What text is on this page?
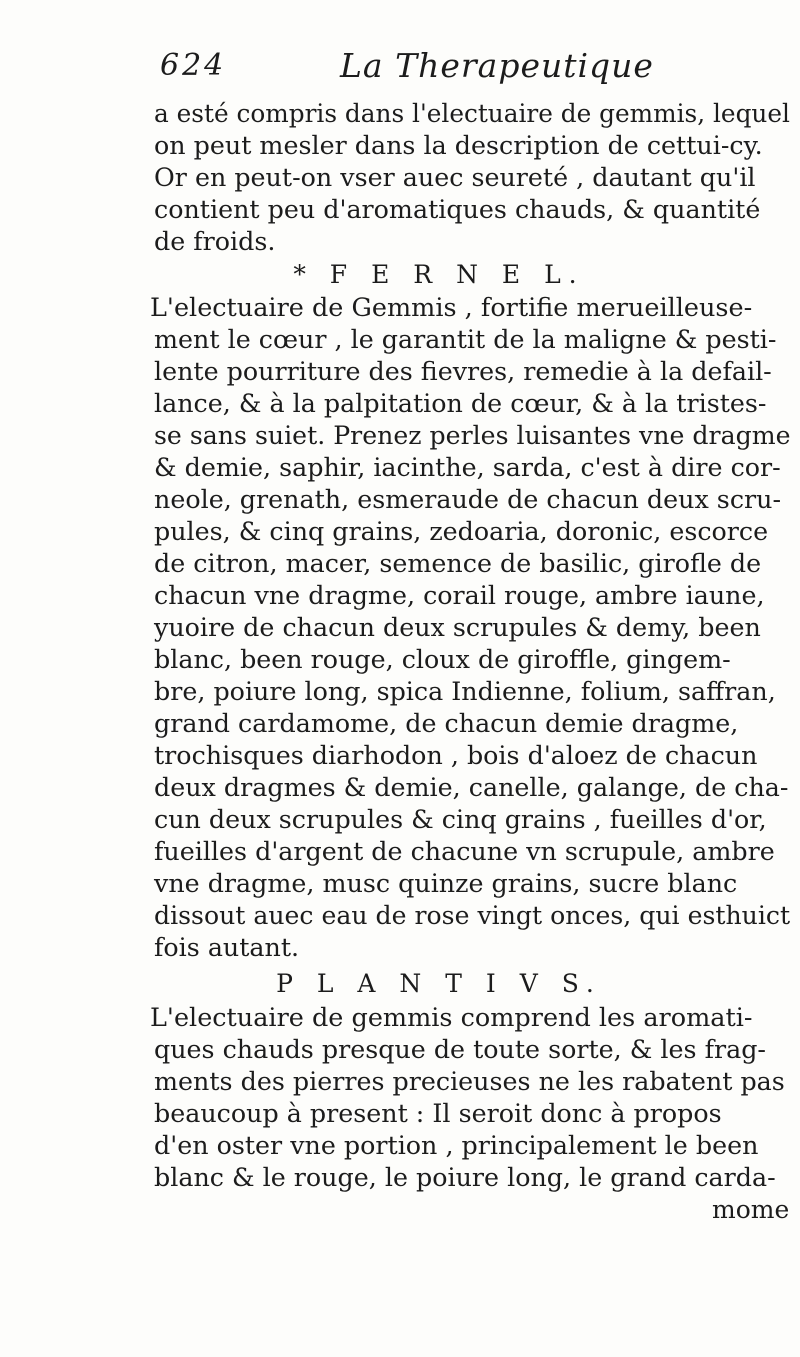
624	La Therapeutique
a esté compris dans l'electuaire de gemmis, lequel
on peut mesler dans la description de cettui-cy.
Or en peut-on vser auec seureté , dautant qu'il
contient peu d'aromatiques chauds, & quantité
de froids.
* F E R N E L.
L'electuaire de Gemmis , fortifie merueilleuse-
ment le cœur , le garantit de la maligne & pesti-
lente pourriture des fievres, remedie à la defail-
lance, & à la palpitation de cœur, & à la tristes-
se sans suiet. Prenez perles luisantes vne dragme
& demie, saphir, iacinthe, sarda, c'est à dire cor-
neole, grenath, esmeraude de chacun deux scru-
pules, & cinq grains, zedoaria, doronic, escorce
de citron, macer, semence de basilic, girofle de
chacun vne dragme, corail rouge, ambre iaune,
yuoire de chacun deux scrupules & demy, been
blanc, been rouge, cloux de giroffle, gingem-
bre, poiure long, spica Indienne, folium, saffran,
grand cardamome, de chacun demie dragme,
trochisques diarhodon , bois d'aloez de chacun
deux dragmes & demie, canelle, galange, de cha-
cun deux scrupules & cinq grains , fueilles d'or,
fueilles d'argent de chacune vn scrupule, ambre
vne dragme, musc quinze grains, sucre blanc
dissout auec eau de rose vingt onces, qui esthuict
fois autant.
P L A N T I V S.
L'electuaire de gemmis comprend les aromati-
ques chauds presque de toute sorte, & les frag-
ments des pierres precieuses ne les rabatent pas
beaucoup à present : Il seroit donc à propos
d'en oster vne portion , principalement le been
blanc & le rouge, le poiure long, le grand carda-
mome
